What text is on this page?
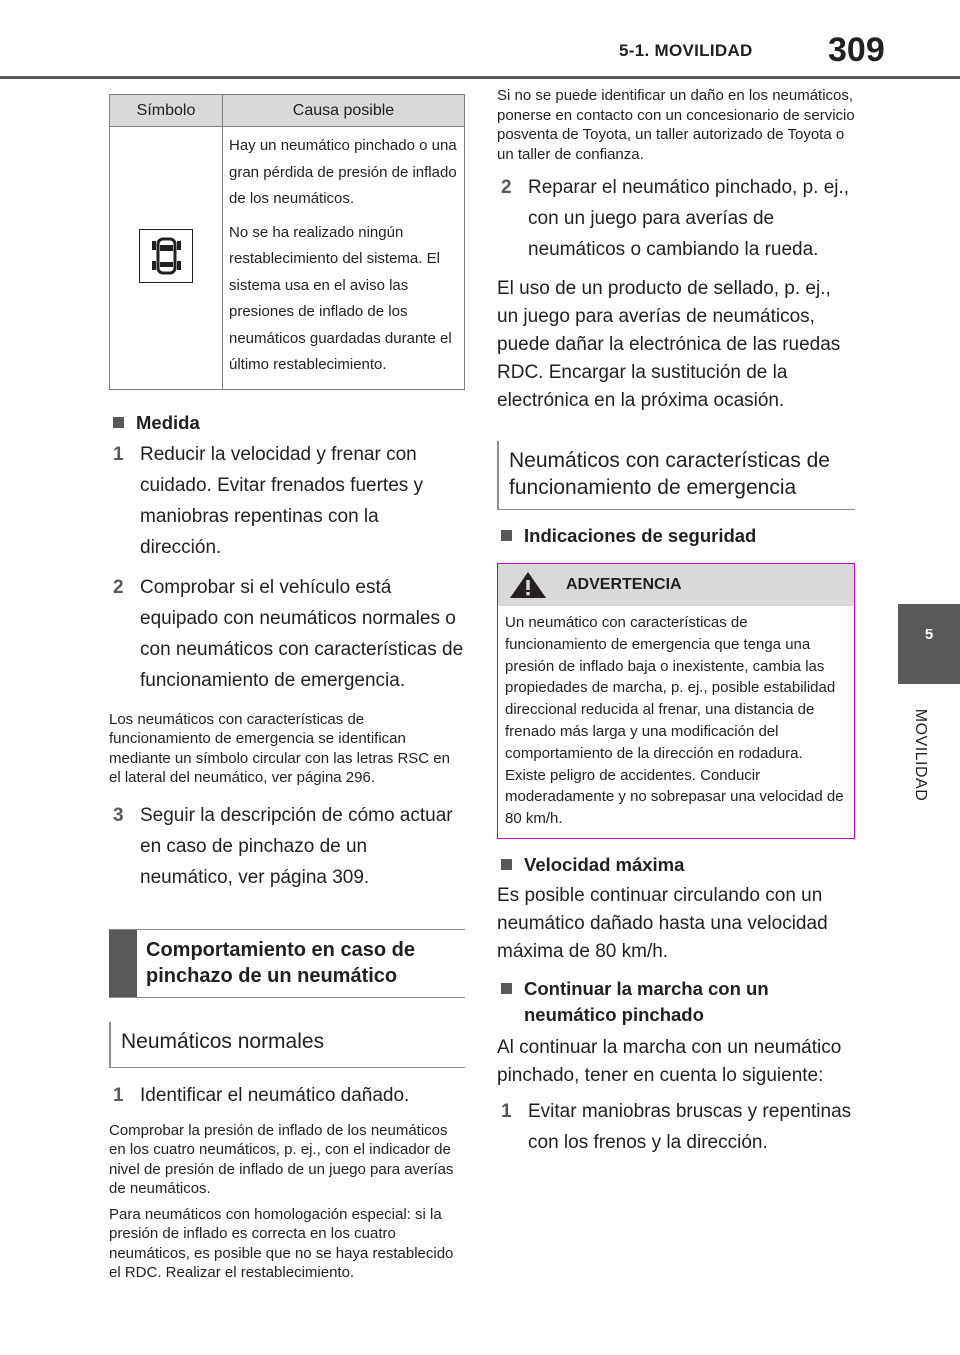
5-1. MOVILIDAD 309
5
MOVILIDAD
Símbolo	Causa posible

Hay un neumático pinchado o una gran pérdida de presión de inflado de los neumáticos.

No se ha realizado ningún restablecimiento del sistema. El sistema usa en el aviso las presiones de inflado de los neumáticos guardadas durante el último restablecimiento.

Medida
1 Reducir la velocidad y frenar con cuidado. Evitar frenados fuertes y maniobras repentinas con la dirección.
2 Comprobar si el vehículo está equipado con neumáticos normales o con neumáticos con características de funcionamiento de emergencia.

Los neumáticos con características de funcionamiento de emergencia se identifican mediante un símbolo circular con las letras RSC en el lateral del neumático, ver página 296.

3 Seguir la descripción de cómo actuar en caso de pinchazo de un neumático, ver página 309.
Comportamiento en caso de pinchazo de un neumático
Neumáticos normales
1 Identificar el neumático dañado.

Comprobar la presión de inflado de los neumáticos en los cuatro neumáticos, p. ej., con el indicador de nivel de presión de inflado de un juego para averías de neumáticos.

Para neumáticos con homologación especial: si la presión de inflado es correcta en los cuatro neumáticos, es posible que no se haya restablecido el RDC. Realizar el restablecimiento.

Si no se puede identificar un daño en los neumáticos, ponerse en contacto con un concesionario de servicio posventa de Toyota, un taller autorizado de Toyota o un taller de confianza.

2 Reparar el neumático pinchado, p. ej., con un juego para averías de neumáticos o cambiando la rueda.

El uso de un producto de sellado, p. ej., un juego para averías de neumáticos, puede dañar la electrónica de las ruedas RDC. Encargar la sustitución de la electrónica en la próxima ocasión.

Neumáticos con características de funcionamiento de emergencia
Indicaciones de seguridad
ADVERTENCIA

Un neumático con características de funcionamiento de emergencia que tenga una presión de inflado baja o inexistente, cambia las propiedades de marcha, p. ej., posible estabilidad direccional reducida al frenar, una distancia de frenado más larga y una modificación del comportamiento de la dirección en rodadura. Existe peligro de accidentes. Conducir moderadamente y no sobrepasar una velocidad de 80 km/h.

Velocidad máxima

Es posible continuar circulando con un neumático dañado hasta una velocidad máxima de 80 km/h.

Continuar la marcha con un neumático pinchado

Al continuar la marcha con un neumático pinchado, tener en cuenta lo siguiente:

1 Evitar maniobras bruscas y repentinas con los frenos y la dirección.
